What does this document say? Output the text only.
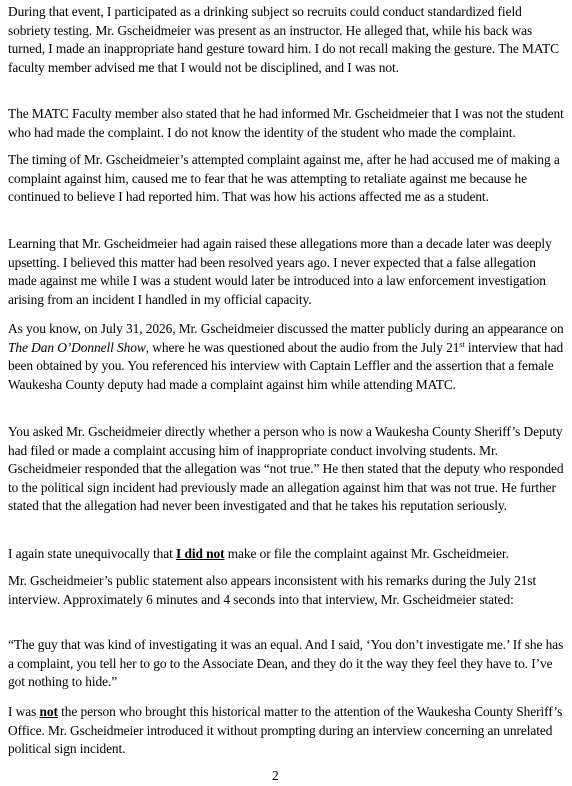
During that event, I participated as a drinking subject so recruits could conduct standardized field sobriety testing. Mr. Gscheidmeier was present as an instructor. He alleged that, while his back was turned, I made an inappropriate hand gesture toward him. I do not recall making the gesture. The MATC faculty member advised me that I would not be disciplined, and I was not.

The MATC Faculty member also stated that he had informed Mr. Gscheidmeier that I was not the student who had made the complaint. I do not know the identity of the student who made the complaint.

The timing of Mr. Gscheidmeier’s attempted complaint against me, after he had accused me of making a complaint against him, caused me to fear that he was attempting to retaliate against me because he continued to believe I had reported him. That was how his actions affected me as a student.

Learning that Mr. Gscheidmeier had again raised these allegations more than a decade later was deeply upsetting. I believed this matter had been resolved years ago. I never expected that a false allegation made against me while I was a student would later be introduced into a law enforcement investigation arising from an incident I handled in my official capacity.

As you know, on July 31, 2026, Mr. Gscheidmeier discussed the matter publicly during an appearance on The Dan O’Donnell Show, where he was questioned about the audio from the July 21st interview that had been obtained by you. You referenced his interview with Captain Leffler and the assertion that a female Waukesha County deputy had made a complaint against him while attending MATC.

You asked Mr. Gscheidmeier directly whether a person who is now a Waukesha County Sheriff’s Deputy had filed or made a complaint accusing him of inappropriate conduct involving students. Mr. Gscheidmeier responded that the allegation was “not true.” He then stated that the deputy who responded to the political sign incident had previously made an allegation against him that was not true. He further stated that the allegation had never been investigated and that he takes his reputation seriously.

I again state unequivocally that I did not make or file the complaint against Mr. Gscheidmeier.

Mr. Gscheidmeier’s public statement also appears inconsistent with his remarks during the July 21st interview. Approximately 6 minutes and 4 seconds into that interview, Mr. Gscheidmeier stated:

“The guy that was kind of investigating it was an equal. And I said, ‘You don’t investigate me.’ If she has a complaint, you tell her to go to the Associate Dean, and they do it the way they feel they have to. I’ve got nothing to hide.”

I was not the person who brought this historical matter to the attention of the Waukesha County Sheriff’s Office. Mr. Gscheidmeier introduced it without prompting during an interview concerning an unrelated political sign incident.

2
